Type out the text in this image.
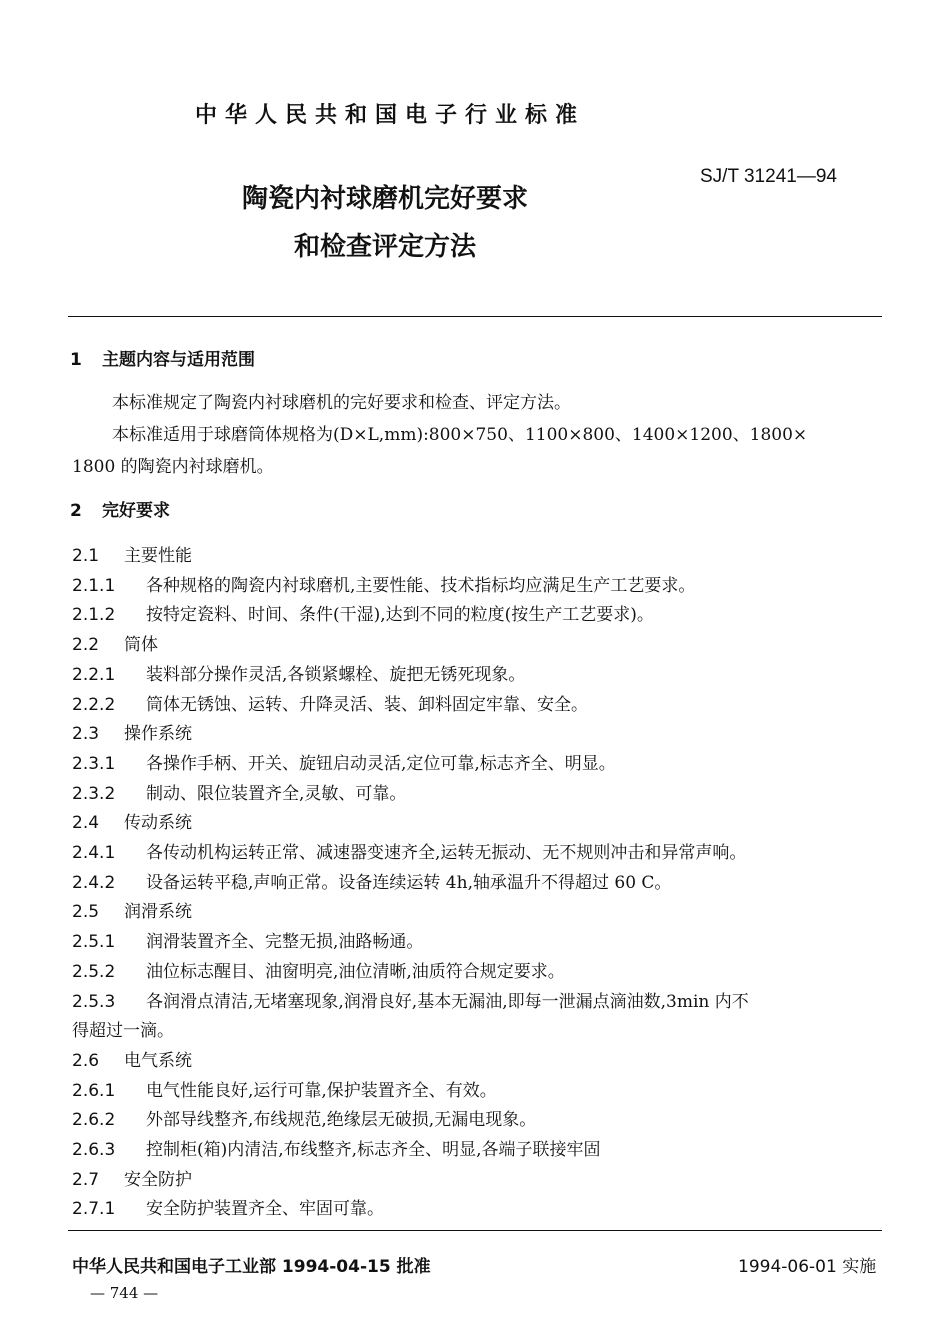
中华人民共和国电子行业标准
SJ/T 31241—94
陶瓷内衬球磨机完好要求
和检查评定方法
1 主题内容与适用范围
本标准规定了陶瓷内衬球磨机的完好要求和检查、评定方法。
本标准适用于球磨筒体规格为(D×L,mm):800×750、1100×800、1400×1200、1800×
1800 的陶瓷内衬球磨机。
2 完好要求
2.1 主要性能
2.1.1 各种规格的陶瓷内衬球磨机,主要性能、技术指标均应满足生产工艺要求。
2.1.2 按特定瓷料、时间、条件(干湿),达到不同的粒度(按生产工艺要求)。
2.2 筒体
2.2.1 装料部分操作灵活,各锁紧螺栓、旋把无锈死现象。
2.2.2 筒体无锈蚀、运转、升降灵活、装、卸料固定牢靠、安全。
2.3 操作系统
2.3.1 各操作手柄、开关、旋钮启动灵活,定位可靠,标志齐全、明显。
2.3.2 制动、限位装置齐全,灵敏、可靠。
2.4 传动系统
2.4.1 各传动机构运转正常、减速器变速齐全,运转无振动、无不规则冲击和异常声响。
2.4.2 设备运转平稳,声响正常。设备连续运转 4h,轴承温升不得超过 60 C。
2.5 润滑系统
2.5.1 润滑装置齐全、完整无损,油路畅通。
2.5.2 油位标志醒目、油窗明亮,油位清晰,油质符合规定要求。
2.5.3 各润滑点清洁,无堵塞现象,润滑良好,基本无漏油,即每一泄漏点滴油数,3min 内不
得超过一滴。
2.6 电气系统
2.6.1 电气性能良好,运行可靠,保护装置齐全、有效。
2.6.2 外部导线整齐,布线规范,绝缘层无破损,无漏电现象。
2.6.3 控制柜(箱)内清洁,布线整齐,标志齐全、明显,各端子联接牢固
2.7 安全防护
2.7.1 安全防护装置齐全、牢固可靠。
中华人民共和国电子工业部 1994-04-15 批准	1994-06-01 实施
— 744 —
